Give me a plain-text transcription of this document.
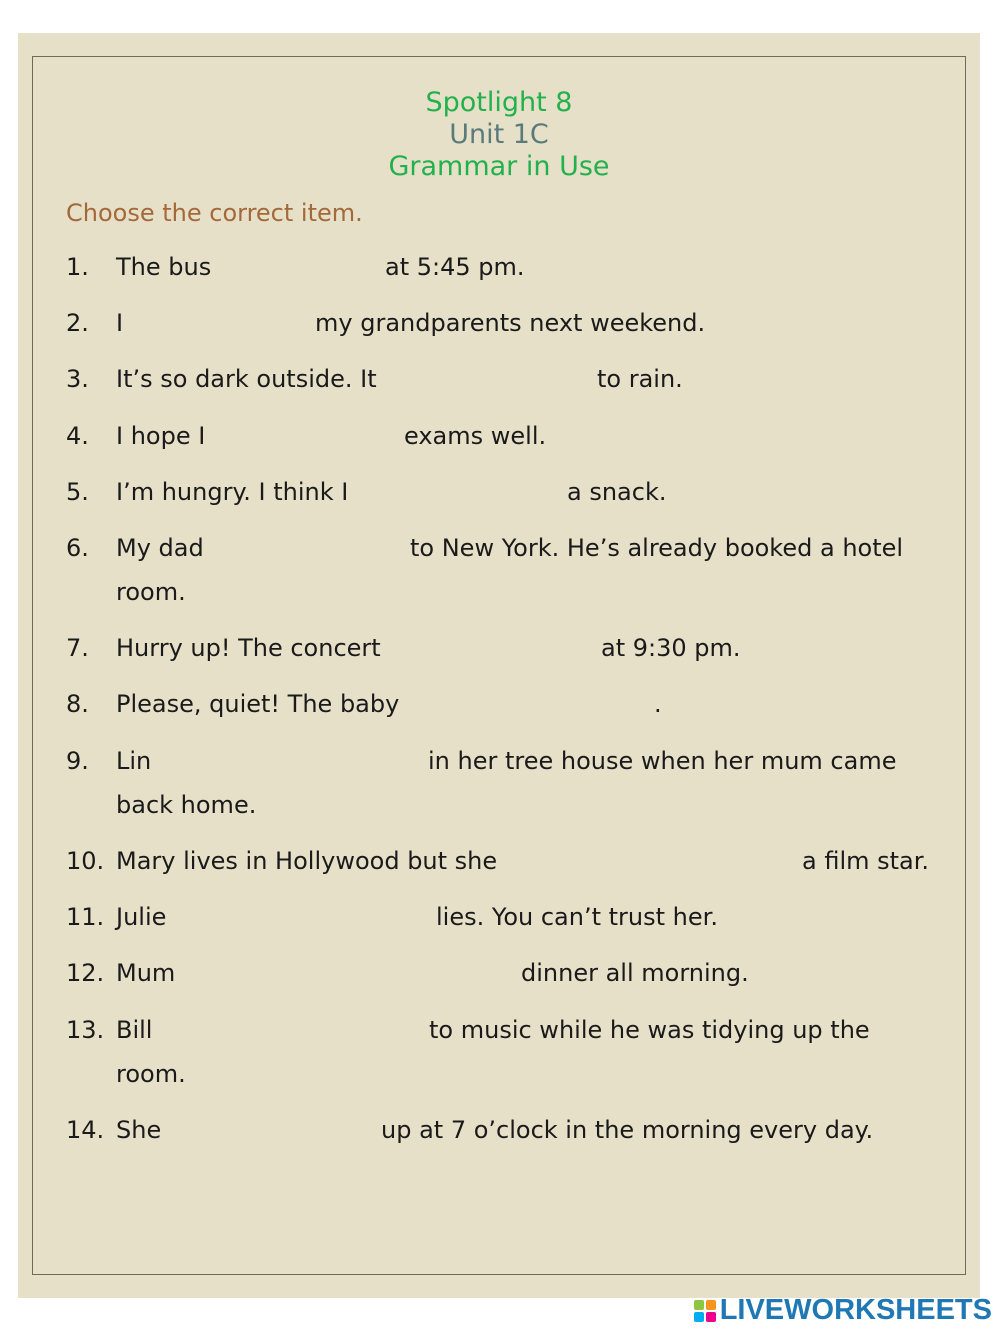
Spotlight 8
Unit 1C
Grammar in Use
Choose the correct item.
1. The bus	at 5:45 pm.
2. I	my grandparents next weekend.
3. It’s so dark outside. It	to rain.
4. I hope I	exams well.
5. I’m hungry. I think I	a snack.
6. My dad	to New York. He’s already booked a hotel
room.
7. Hurry up! The concert	at 9:30 pm.
8. Please, quiet! The baby	.
9. Lin	in her tree house when her mum came
back home.
10. Mary lives in Hollywood but she	a film star.
11. Julie	lies. You can’t trust her.
12. Mum	dinner all morning.
13. Bill	to music while he was tidying up the
room.
14. She	up at 7 o’clock in the morning every day.
LIVEWORKSHEETS
